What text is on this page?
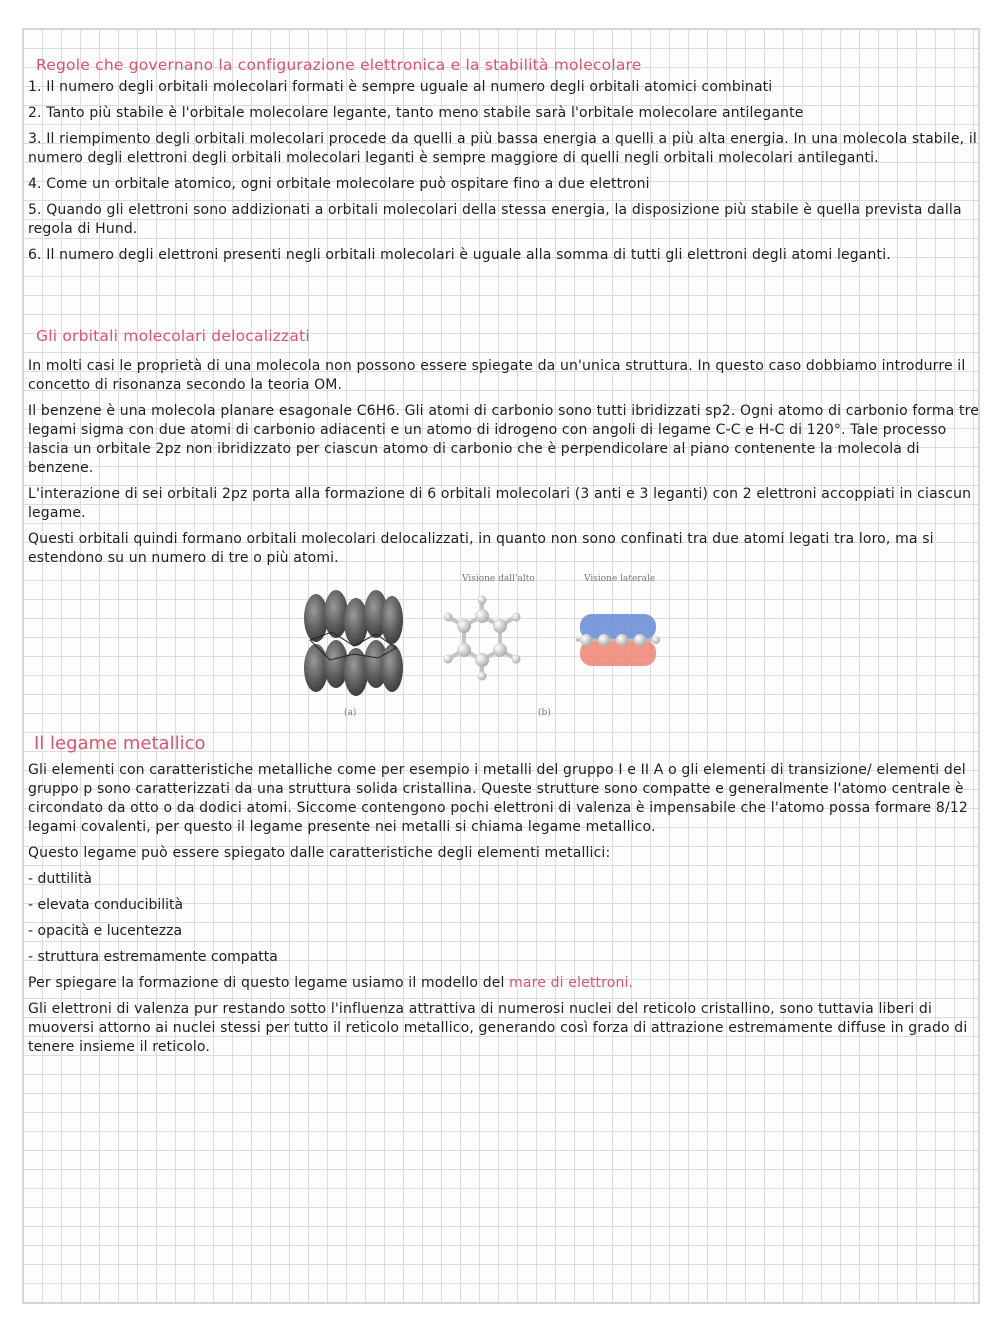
Regole che governano la configurazione elettronica e la stabilità molecolare

1. Il numero degli orbitali molecolari formati è sempre uguale al numero degli orbitali atomici combinati

2. Tanto più stabile è l'orbitale molecolare legante, tanto meno stabile sarà l'orbitale molecolare antilegante

3. Il riempimento degli orbitali molecolari procede da quelli a più bassa energia a quelli a più alta energia. In una molecola stabile, il numero degli elettroni degli orbitali molecolari leganti è sempre maggiore di quelli negli orbitali molecolari antileganti.

4. Come un orbitale atomico, ogni orbitale molecolare può ospitare fino a due elettroni

5. Quando gli elettroni sono addizionati a orbitali molecolari della stessa energia, la disposizione più stabile è quella prevista dalla regola di Hund.

6. Il numero degli elettroni presenti negli orbitali molecolari è uguale alla somma di tutti gli elettroni degli atomi leganti.

Gli orbitali molecolari delocalizzati

In molti casi le proprietà di una molecola non possono essere spiegate da un'unica struttura. In questo caso dobbiamo introdurre il concetto di risonanza secondo la teoria OM.

Il benzene è una molecola planare esagonale C6H6. Gli atomi di carbonio sono tutti ibridizzati sp2. Ogni atomo di carbonio forma tre legami sigma con due atomi di carbonio adiacenti e un atomo di idrogeno con angoli di legame C-C e H-C di 120°. Tale processo lascia un orbitale 2pz non ibridizzato per ciascun atomo di carbonio che è perpendicolare al piano contenente la molecola di benzene.

L'interazione di sei orbitali 2pz porta alla formazione di 6 orbitali molecolari (3 anti e 3 leganti) con 2 elettroni accoppiati in ciascun legame.

Questi orbitali quindi formano orbitali molecolari delocalizzati, in quanto non sono confinati tra due atomi legati tra loro, ma si estendono su un numero di tre o più atomi.

Visione dall'alto	Visione laterale
(a)	(b)
Il legame metallico

Gli elementi con caratteristiche metalliche come per esempio i metalli del gruppo I e II A o gli elementi di transizione/ elementi del gruppo p sono caratterizzati da una struttura solida cristallina. Queste strutture sono compatte e generalmente l'atomo centrale è circondato da otto o da dodici atomi. Siccome contengono pochi elettroni di valenza è impensabile che l'atomo possa formare 8/12 legami covalenti, per questo il legame presente nei metalli si chiama legame metallico.

Questo legame può essere spiegato dalle caratteristiche degli elementi metallici:

- duttilità
- elevata conducibilità
- opacità e lucentezza
- struttura estremamente compatta

Per spiegare la formazione di questo legame usiamo il modello del mare di elettroni.

Gli elettroni di valenza pur restando sotto l'influenza attrattiva di numerosi nuclei del reticolo cristallino, sono tuttavia liberi di muoversi attorno ai nuclei stessi per tutto il reticolo metallico, generando così forza di attrazione estremamente diffuse in grado di tenere insieme il reticolo.
